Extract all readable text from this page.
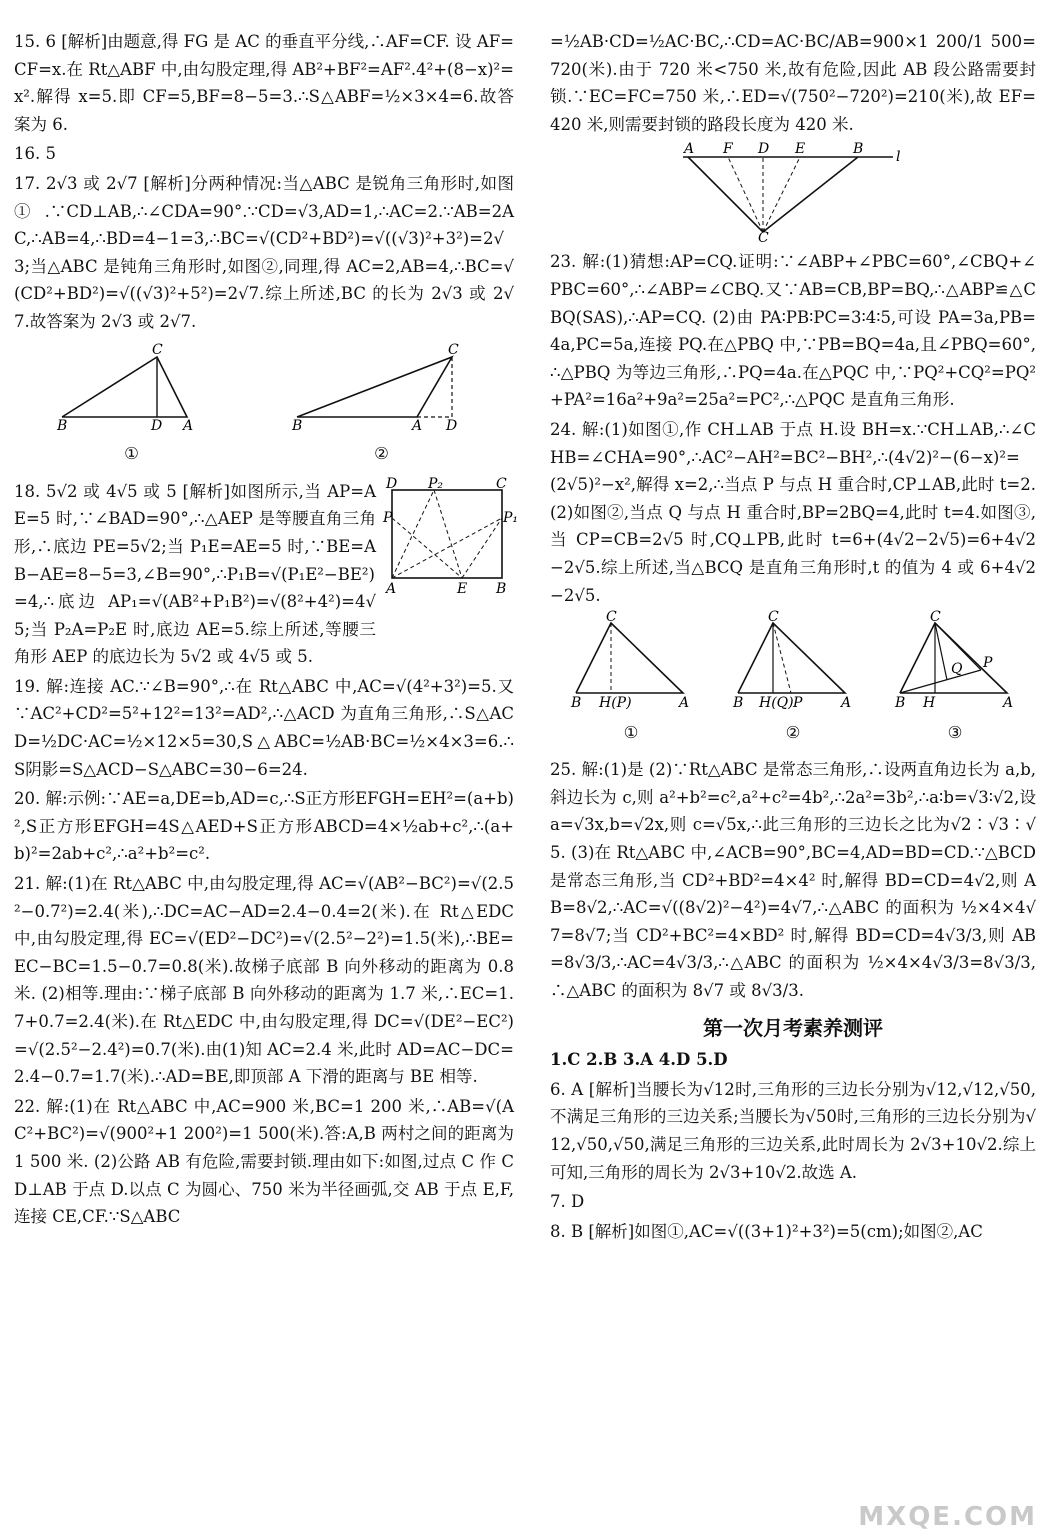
15. 6 [解析]由题意,得 FG 是 AC 的垂直平分线,∴AF=CF. 设 AF=CF=x.在 Rt△ABF 中,由勾股定理,得 AB²+BF²=AF².4²+(8−x)²=x².解得 x=5.即 CF=5,BF=8−5=3.∴S△ABF=½×3×4=6.故答案为 6.

16. 5

17. 2√3 或 2√7 [解析]分两种情况:当△ABC 是锐角三角形时,如图①.∵CD⊥AB,∴∠CDA=90°.∵CD=√3,AD=1,∴AC=2.∵AB=2AC,∴AB=4,∴BD=4−1=3,∴BC=√(CD²+BD²)=√((√3)²+3²)=2√3;当△ABC 是钝角三角形时,如图②,同理,得 AC=2,AB=4,∴BC=√(CD²+BD²)=√((√3)²+5²)=2√7.综上所述,BC 的长为 2√3 或 2√7.故答案为 2√3 或 2√7.

C
B	D A
①
C
B	A D
②

18. 5√2 或 4√5 或 5 [解析]如图所示,当 AP=AE=5 时,∵∠BAD=90°,∴△AEP 是等腰直角三角形,∴底边 PE=5√2;当 P₁E=AE=5 时,∵BE=AB−AE=8−5=3,∠B=90°,∴P₁B=√(P₁E²−BE²)=4,∴底边 AP₁=√(AB²+P₁B²)=√(8²+4²)=4√5;当 P₂A=P₂E 时,底边 AE=5.综上所述,等腰三角形 AEP 的底边长为 5√2 或 4√5 或 5.

D P₂	C
P	P₁
A	E B

19. 解:连接 AC.∵∠B=90°,∴在 Rt△ABC 中,AC=√(4²+3²)=5.又∵AC²+CD²=5²+12²=13²=AD²,∴△ACD 为直角三角形,∴S△ACD=½DC·AC=½×12×5=30,S△ABC=½AB·BC=½×4×3=6.∴S阴影=S△ACD−S△ABC=30−6=24.

20. 解:示例:∵AE=a,DE=b,AD=c,∴S正方形EFGH=EH²=(a+b)²,S正方形EFGH=4S△AED+S正方形ABCD=4×½ab+c²,∴(a+b)²=2ab+c²,∴a²+b²=c².

21. 解:(1)在 Rt△ABC 中,由勾股定理,得 AC=√(AB²−BC²)=√(2.5²−0.7²)=2.4(米),∴DC=AC−AD=2.4−0.4=2(米).在 Rt△EDC 中,由勾股定理,得 EC=√(ED²−DC²)=√(2.5²−2²)=1.5(米),∴BE=EC−BC=1.5−0.7=0.8(米).故梯子底部 B 向外移动的距离为 0.8 米. (2)相等.理由:∵梯子底部 B 向外移动的距离为 1.7 米,∴EC=1.7+0.7=2.4(米).在 Rt△EDC 中,由勾股定理,得 DC=√(DE²−EC²)=√(2.5²−2.4²)=0.7(米).由(1)知 AC=2.4 米,此时 AD=AC−DC=2.4−0.7=1.7(米).∴AD=BE,即顶部 A 下滑的距离与 BE 相等.

22. 解:(1)在 Rt△ABC 中,AC=900 米,BC=1 200 米,∴AB=√(AC²+BC²)=√(900²+1 200²)=1 500(米).答:A,B 两村之间的距离为 1 500 米. (2)公路 AB 有危险,需要封锁.理由如下:如图,过点 C 作 CD⊥AB 于点 D.以点 C 为圆心、750 米为半径画弧,交 AB 于点 E,F,连接 CE,CF.∵S△ABC

=½AB·CD=½AC·BC,∴CD=AC·BC/AB=900×1 200/1 500=720(米).由于 720 米<750 米,故有危险,因此 AB 段公路需要封锁.∵EC=FC=750 米,∴ED=√(750²−720²)=210(米),故 EF=420 米,则需要封锁的路段长度为 420 米.

A F D E	B l
C

23. 解:(1)猜想:AP=CQ.证明:∵∠ABP+∠PBC=60°,∠CBQ+∠PBC=60°,∴∠ABP=∠CBQ.又∵AB=CB,BP=BQ,∴△ABP≌△CBQ(SAS),∴AP=CQ. (2)由 PA∶PB∶PC=3∶4∶5,可设 PA=3a,PB=4a,PC=5a,连接 PQ.在△PBQ 中,∵PB=BQ=4a,且∠PBQ=60°,∴△PBQ 为等边三角形,∴PQ=4a.在△PQC 中,∵PQ²+CQ²=PQ²+PA²=16a²+9a²=25a²=PC²,∴△PQC 是直角三角形.

24. 解:(1)如图①,作 CH⊥AB 于点 H.设 BH=x.∵CH⊥AB,∴∠CHB=∠CHA=90°,∴AC²−AH²=BC²−BH²,∴(4√2)²−(6−x)²=(2√5)²−x²,解得 x=2,∴当点 P 与点 H 重合时,CP⊥AB,此时 t=2. (2)如图②,当点 Q 与点 H 重合时,BP=2BQ=4,此时 t=4.如图③,当 CP=CB=2√5 时,CQ⊥PB,此时 t=6+(4√2−2√5)=6+4√2−2√5.综上所述,当△BCQ 是直角三角形时,t 的值为 4 或 6+4√2−2√5.

C
B H(P)	A
①
C
B H(Q) P	A
②
C
B H
Q P
A
③

25. 解:(1)是 (2)∵Rt△ABC 是常态三角形,∴设两直角边长为 a,b,斜边长为 c,则 a²+b²=c²,a²+c²=4b²,∴2a²=3b²,∴a∶b=√3∶√2,设 a=√3x,b=√2x,则 c=√5x,∴此三角形的三边长之比为√2∶√3∶√5. (3)在 Rt△ABC 中,∠ACB=90°,BC=4,AD=BD=CD.∵△BCD 是常态三角形,当 CD²+BD²=4×4² 时,解得 BD=CD=4√2,则 AB=8√2,∴AC=√((8√2)²−4²)=4√7,∴△ABC 的面积为 ½×4×4√7=8√7;当 CD²+BC²=4×BD² 时,解得 BD=CD=4√3/3,则 AB=8√3/3,∴AC=4√3/3,∴△ABC 的面积为 ½×4×4√3/3=8√3/3,∴△ABC 的面积为 8√7 或 8√3/3.

第一次月考素养测评

1.C 2.B 3.A 4.D 5.D

6. A [解析]当腰长为√12时,三角形的三边长分别为√12,√12,√50,不满足三角形的三边关系;当腰长为√50时,三角形的三边长分别为√12,√50,√50,满足三角形的三边关系,此时周长为 2√3+10√2.综上可知,三角形的周长为 2√3+10√2.故选 A.

7. D

8. B [解析]如图①,AC=√((3+1)²+3²)=5(cm);如图②,AC

MXQE.COM
